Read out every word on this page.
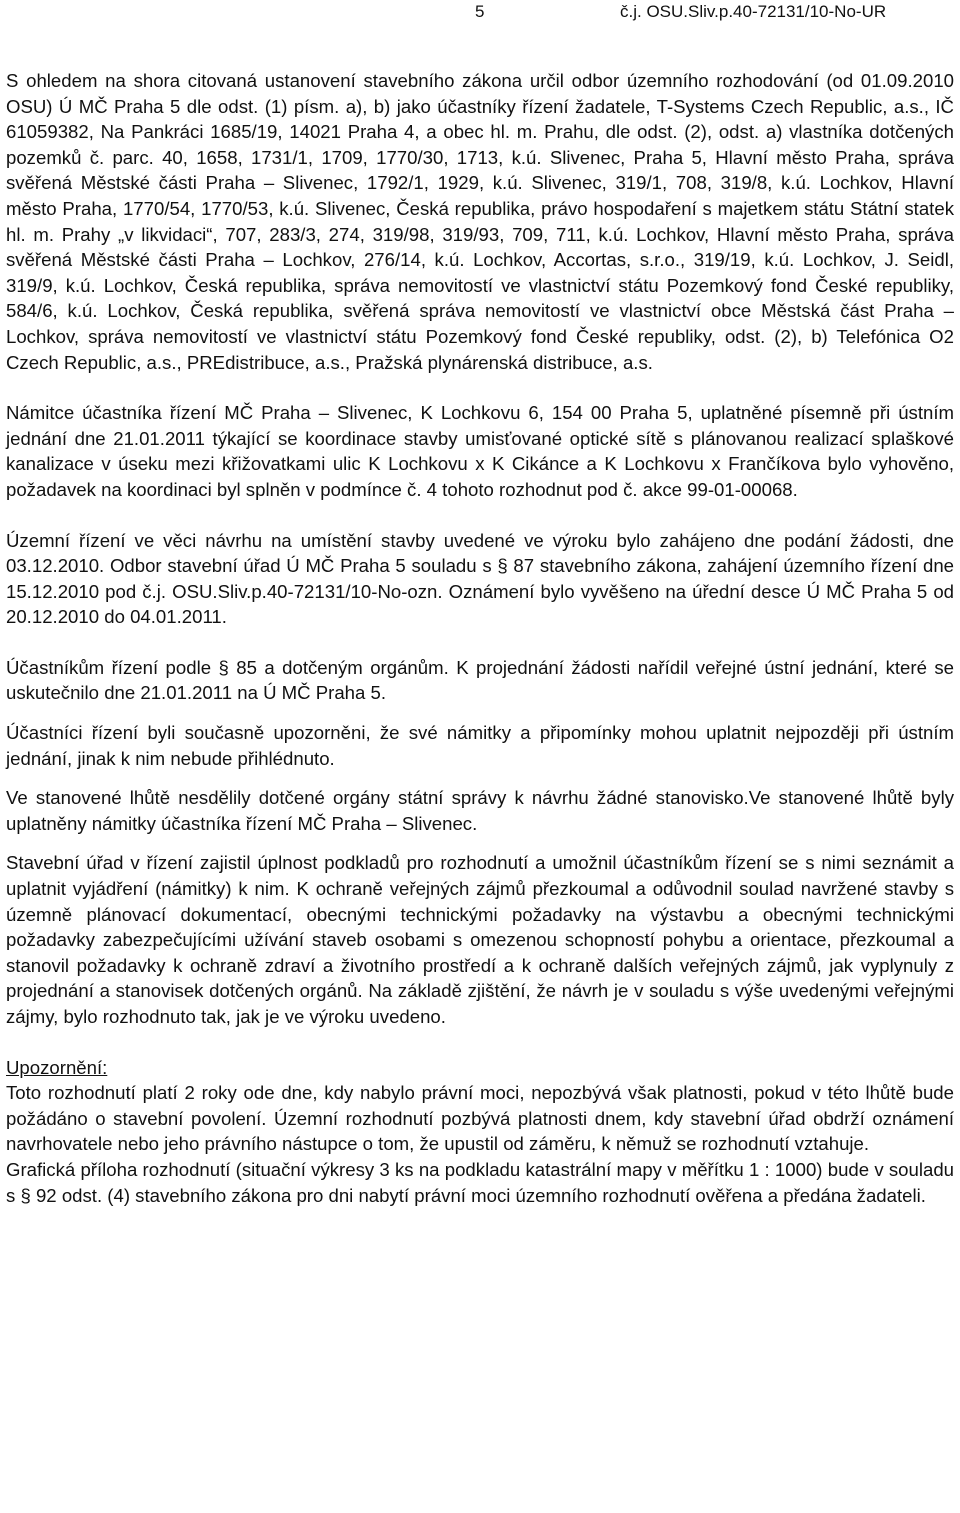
5	č.j. OSU.Sliv.p.40-72131/10-No-UR

S ohledem na shora citovaná ustanovení stavebního zákona určil odbor územního rozhodování (od 01.09.2010 OSU) Ú MČ Praha 5 dle odst. (1) písm. a), b) jako účastníky řízení žadatele, T-Systems Czech Republic, a.s., IČ 61059382, Na Pankráci 1685/19, 14021 Praha 4, a obec hl. m. Prahu, dle odst. (2), odst. a) vlastníka dotčených pozemků č. parc. 40, 1658, 1731/1, 1709, 1770/30, 1713, k.ú. Slivenec, Praha 5, Hlavní město Praha, správa svěřená Městské části Praha – Slivenec, 1792/1, 1929, k.ú. Slivenec, 319/1, 708, 319/8, k.ú. Lochkov, Hlavní město Praha, 1770/54, 1770/53, k.ú. Slivenec, Česká republika, právo hospodaření s majetkem státu Státní statek hl. m. Prahy „v likvidaci“, 707, 283/3, 274, 319/98, 319/93, 709, 711, k.ú. Lochkov, Hlavní město Praha, správa svěřená Městské části Praha – Lochkov, 276/14, k.ú. Lochkov, Accortas, s.r.o., 319/19, k.ú. Lochkov, J. Seidl, 319/9, k.ú. Lochkov, Česká republika, správa nemovitostí ve vlastnictví státu Pozemkový fond České republiky, 584/6, k.ú. Lochkov, Česká republika, svěřená správa nemovitostí ve vlastnictví obce Městská část Praha – Lochkov, správa nemovitostí ve vlastnictví státu Pozemkový fond České republiky, odst. (2), b) Telefónica O2 Czech Republic, a.s., PREdistribuce, a.s., Pražská plynárenská distribuce, a.s.

Námitce účastníka řízení MČ Praha – Slivenec, K Lochkovu 6, 154 00 Praha 5, uplatněné písemně při ústním jednání dne 21.01.2011 týkající se koordinace stavby umisťované optické sítě s plánovanou realizací splaškové kanalizace v úseku mezi křižovatkami ulic K Lochkovu x K Cikánce a K Lochkovu x Frančíkova bylo vyhověno, požadavek na koordinaci byl splněn v podmínce č. 4 tohoto rozhodnut pod č. akce 99-01-00068.

Územní řízení ve věci návrhu na umístění stavby uvedené ve výroku bylo zahájeno dne podání žádosti, dne 03.12.2010. Odbor stavební úřad Ú MČ Praha 5 souladu s § 87 stavebního zákona, zahájení územního řízení dne 15.12.2010 pod č.j. OSU.Sliv.p.40-72131/10-No-ozn. Oznámení bylo vyvěšeno na úřední desce Ú MČ Praha 5 od 20.12.2010 do 04.01.2011.

Účastníkům řízení podle § 85 a dotčeným orgánům. K projednání žádosti nařídil veřejné ústní jednání, které se uskutečnilo dne 21.01.2011 na Ú MČ Praha 5.

Účastníci řízení byli současně upozorněni, že své námitky a připomínky mohou uplatnit nejpozději při ústním jednání, jinak k nim nebude přihlédnuto.

Ve stanovené lhůtě nesdělily dotčené orgány státní správy k návrhu žádné stanovisko.Ve stanovené lhůtě byly uplatněny námitky účastníka řízení MČ Praha – Slivenec.

Stavební úřad v řízení zajistil úplnost podkladů pro rozhodnutí a umožnil účastníkům řízení se s nimi seznámit a uplatnit vyjádření (námitky) k nim. K ochraně veřejných zájmů přezkoumal a odůvodnil soulad navržené stavby s územně plánovací dokumentací, obecnými technickými požadavky na výstavbu a obecnými technickými požadavky zabezpečujícími užívání staveb osobami s omezenou schopností pohybu a orientace, přezkoumal a stanovil požadavky k ochraně zdraví a životního prostředí a k ochraně dalších veřejných zájmů, jak vyplynuly z projednání a stanovisek dotčených orgánů. Na základě zjištění, že návrh je v souladu s výše uvedenými veřejnými zájmy, bylo rozhodnuto tak, jak je ve výroku uvedeno.

Upozornění:

Toto rozhodnutí platí 2 roky ode dne, kdy nabylo právní moci, nepozbývá však platnosti, pokud v této lhůtě bude požádáno o stavební povolení. Územní rozhodnutí pozbývá platnosti dnem, kdy stavební úřad obdrží oznámení navrhovatele nebo jeho právního nástupce o tom, že upustil od záměru, k němuž se rozhodnutí vztahuje.

Grafická příloha rozhodnutí (situační výkresy 3 ks na podkladu katastrální mapy v měřítku 1 : 1000) bude v souladu s § 92 odst. (4) stavebního zákona pro dni nabytí právní moci územního rozhodnutí ověřena a předána žadateli.
